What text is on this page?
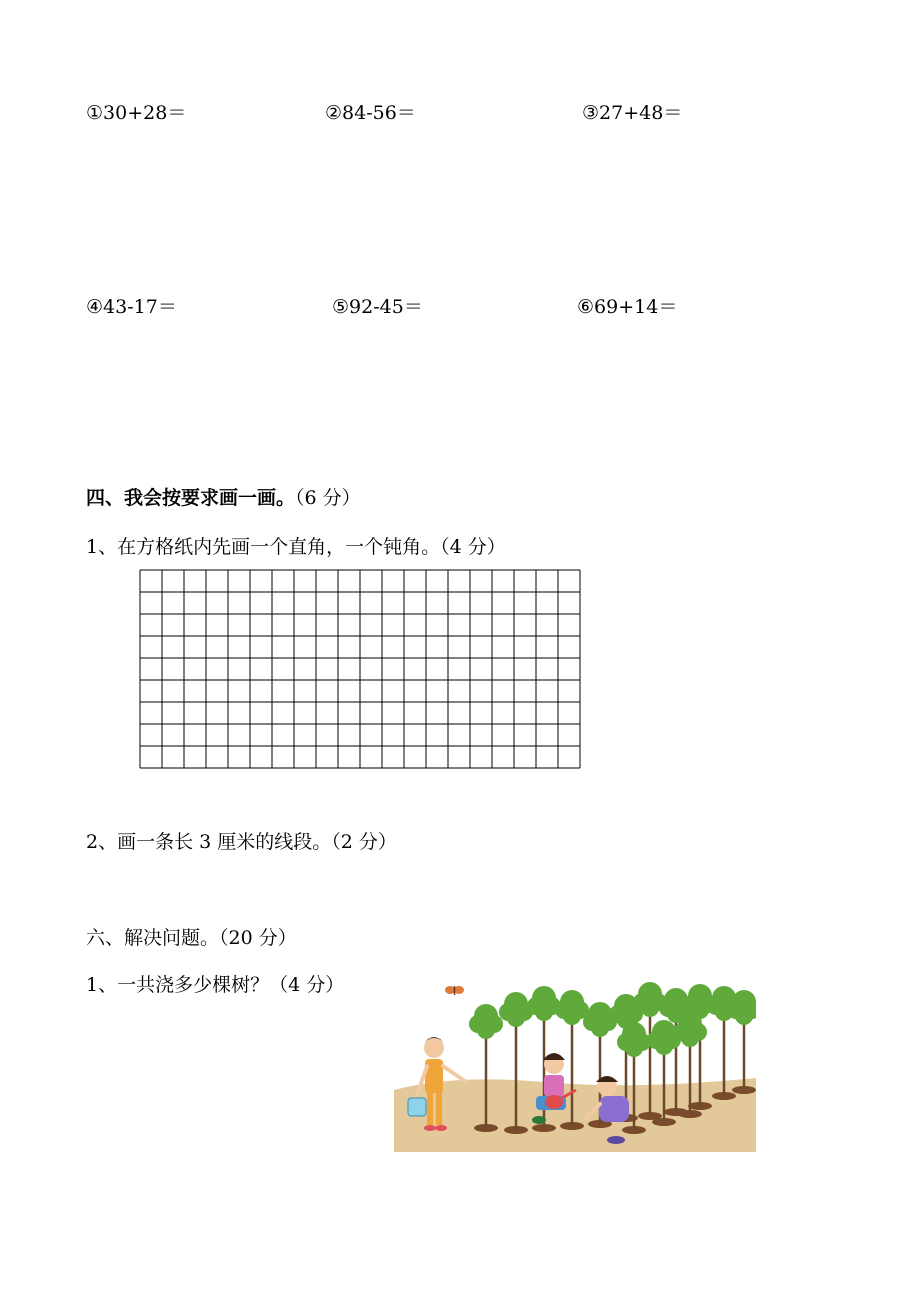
①30+28＝	②84-56＝	③27+48＝
④43-17＝	⑤92-45＝	⑥69+14＝
四、我会按要求画一画。（6 分）
1、在方格纸内先画一个直角，一个钝角。（4 分）
2、画一条长 3 厘米的线段。（2 分）
六、解决问题。（20 分）
1、一共浇多少棵树？（4 分）
